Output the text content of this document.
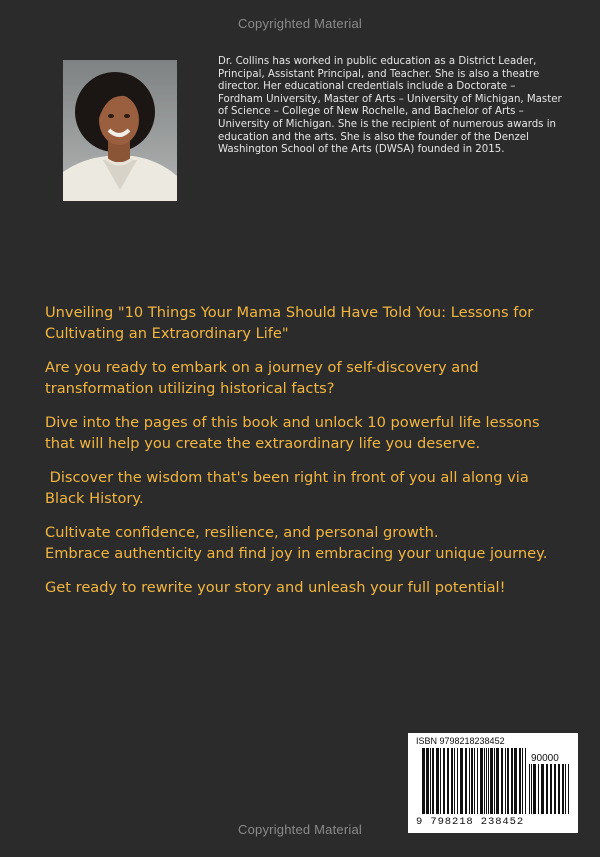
Copyrighted Material

Dr. Collins has worked in public education as a District Leader, Principal, Assistant Principal, and Teacher. She is also a theatre director. Her educational credentials include a Doctorate – Fordham University, Master of Arts – University of Michigan, Master of Science – College of New Rochelle, and Bachelor of Arts – University of Michigan. She is the recipient of numerous awards in education and the arts. She is also the founder of the Denzel Washington School of the Arts (DWSA) founded in 2015.

Unveiling "10 Things Your Mama Should Have Told You: Lessons for Cultivating an Extraordinary Life"

Are you ready to embark on a journey of self-discovery and transformation utilizing historical facts?

Dive into the pages of this book and unlock 10 powerful life lessons that will help you create the extraordinary life you deserve.

Discover the wisdom that's been right in front of you all along via Black History.

Cultivate confidence, resilience, and personal growth.
Embrace authenticity and find joy in embracing your unique journey.

Get ready to rewrite your story and unleash your full potential!

ISBN 9798218238452
90000
9 798218 238452
Copyrighted Material
